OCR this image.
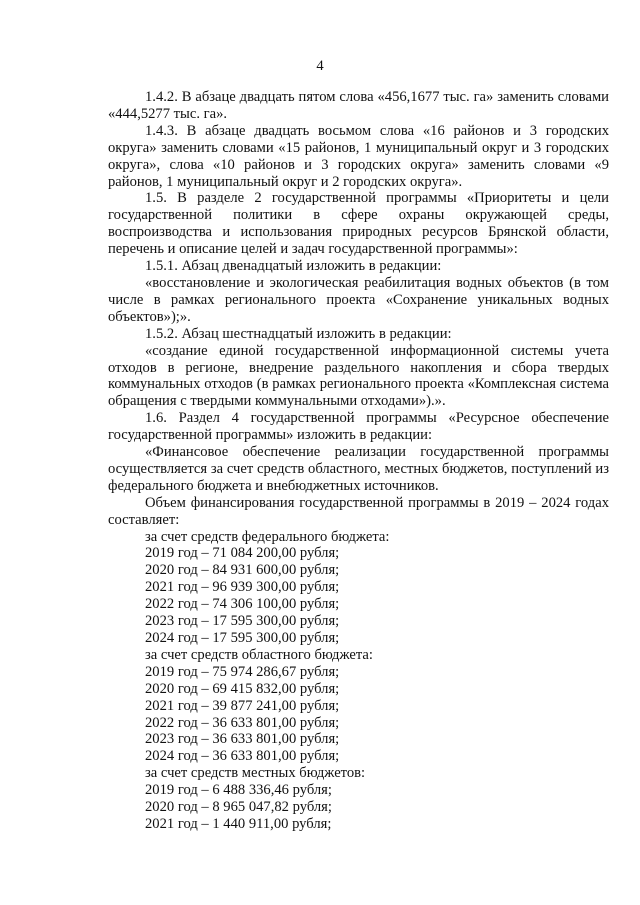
4

1.4.2. В абзаце двадцать пятом слова «456,1677 тыс. га» заменить словами «444,5277 тыс. га».

1.4.3. В абзаце двадцать восьмом слова «16 районов и 3 городских округа» заменить словами «15 районов, 1 муниципальный округ и 3 городских округа», слова «10 районов и 3 городских округа» заменить словами «9 районов, 1 муниципальный округ и 2 городских округа».

1.5. В разделе 2 государственной программы «Приоритеты и цели государственной политики в сфере охраны окружающей среды, воспроизводства и использования природных ресурсов Брянской области, перечень и описание целей и задач государственной программы»:

1.5.1. Абзац двенадцатый изложить в редакции:

«восстановление и экологическая реабилитация водных объектов (в том числе в рамках регионального проекта «Сохранение уникальных водных объектов»);».

1.5.2. Абзац шестнадцатый изложить в редакции:

«создание единой государственной информационной системы учета отходов в регионе, внедрение раздельного накопления и сбора твердых коммунальных отходов (в рамках регионального проекта «Комплексная система обращения с твердыми коммунальными отходами»).».

1.6. Раздел 4 государственной программы «Ресурсное обеспечение государственной программы» изложить в редакции:

«Финансовое обеспечение реализации государственной программы осуществляется за счет средств областного, местных бюджетов, поступлений из федерального бюджета и внебюджетных источников.

Объем финансирования государственной программы в 2019 – 2024 годах составляет:

за счет средств федерального бюджета:

2019 год – 71 084 200,00 рубля;

2020 год – 84 931 600,00 рубля;

2021 год – 96 939 300,00 рубля;

2022 год – 74 306 100,00 рубля;

2023 год – 17 595 300,00 рубля;

2024 год – 17 595 300,00 рубля;

за счет средств областного бюджета:

2019 год – 75 974 286,67 рубля;

2020 год – 69 415 832,00 рубля;

2021 год – 39 877 241,00 рубля;

2022 год – 36 633 801,00 рубля;

2023 год – 36 633 801,00 рубля;

2024 год – 36 633 801,00 рубля;

за счет средств местных бюджетов:

2019 год – 6 488 336,46 рубля;

2020 год – 8 965 047,82 рубля;

2021 год – 1 440 911,00 рубля;
